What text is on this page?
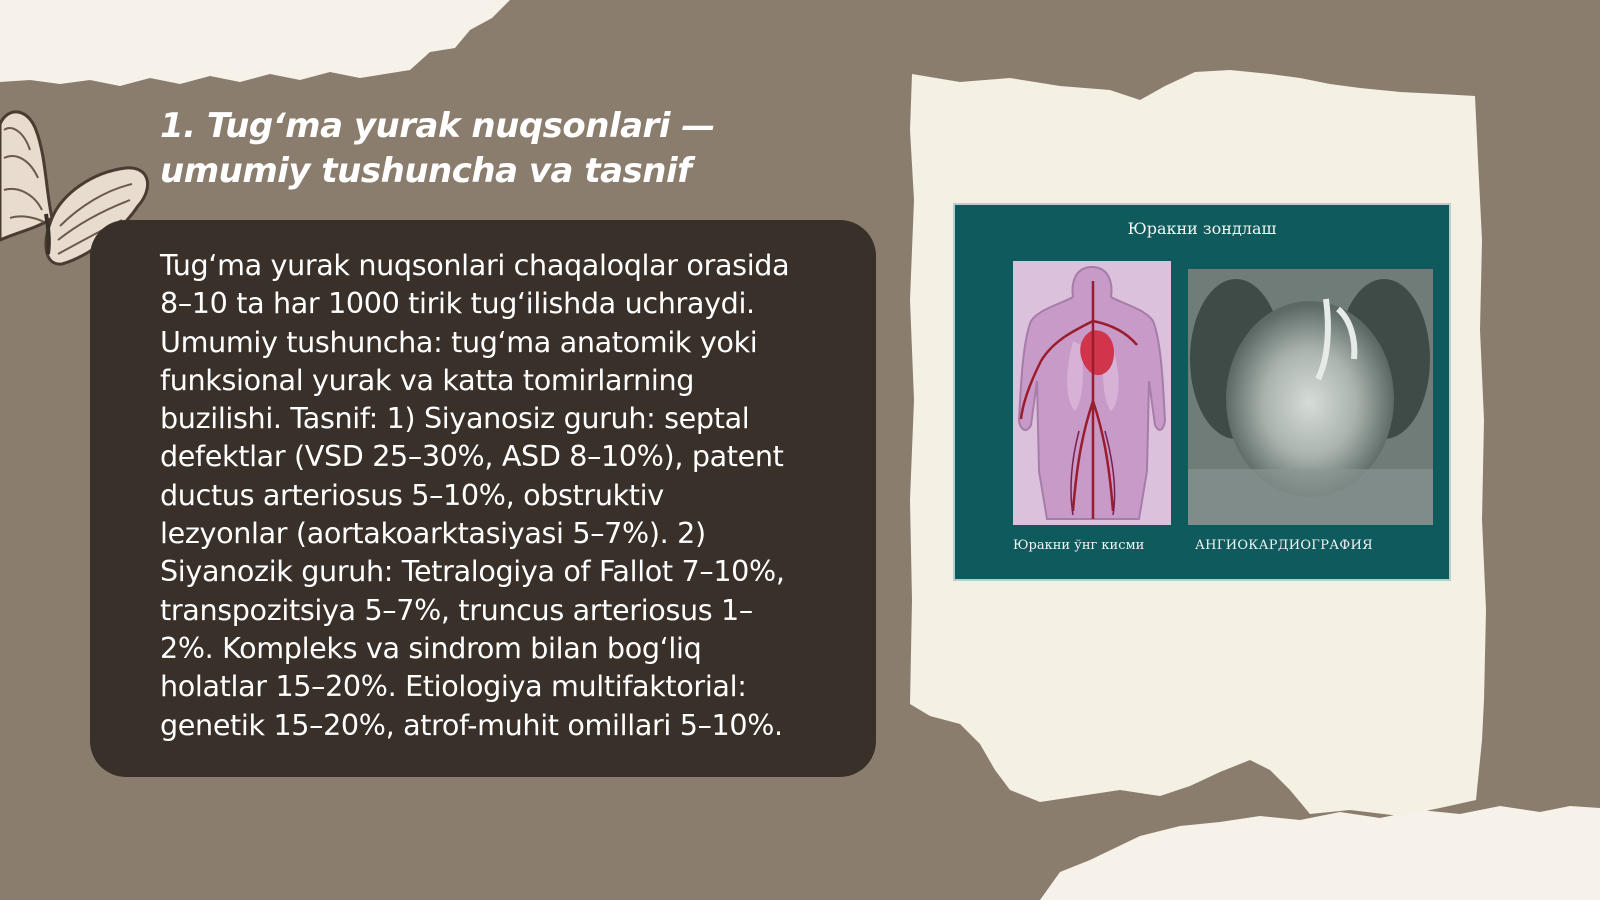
1. Tug‘ma yurak nuqsonlari — umumiy tushuncha va tasnif

Tug‘ma yurak nuqsonlari chaqaloqlar orasida
8–10 ta har 1000 tirik tug‘ilishda uchraydi.
Umumiy tushuncha: tug‘ma anatomik yoki
funksional yurak va katta tomirlarning
buzilishi. Tasnif: 1) Siyanosiz guruh: septal
defektlar (VSD 25–30%, ASD 8–10%), patent
ductus arteriosus 5–10%, obstruktiv
lezyonlar (aortakoarktasiyasi 5–7%). 2)
Siyanozik guruh: Tetralogiya of Fallot 7–10%,
transpozitsiya 5–7%, truncus arteriosus 1–
2%. Kompleks va sindrom bilan bog‘liq
holatlar 15–20%. Etiologiya multifaktorial:
genetik 15–20%, atrof-muhit omillari 5–10%.

Юракни зондлаш
Юракни ўнг кисми	АНГИОКАРДИОГРАФИЯ
